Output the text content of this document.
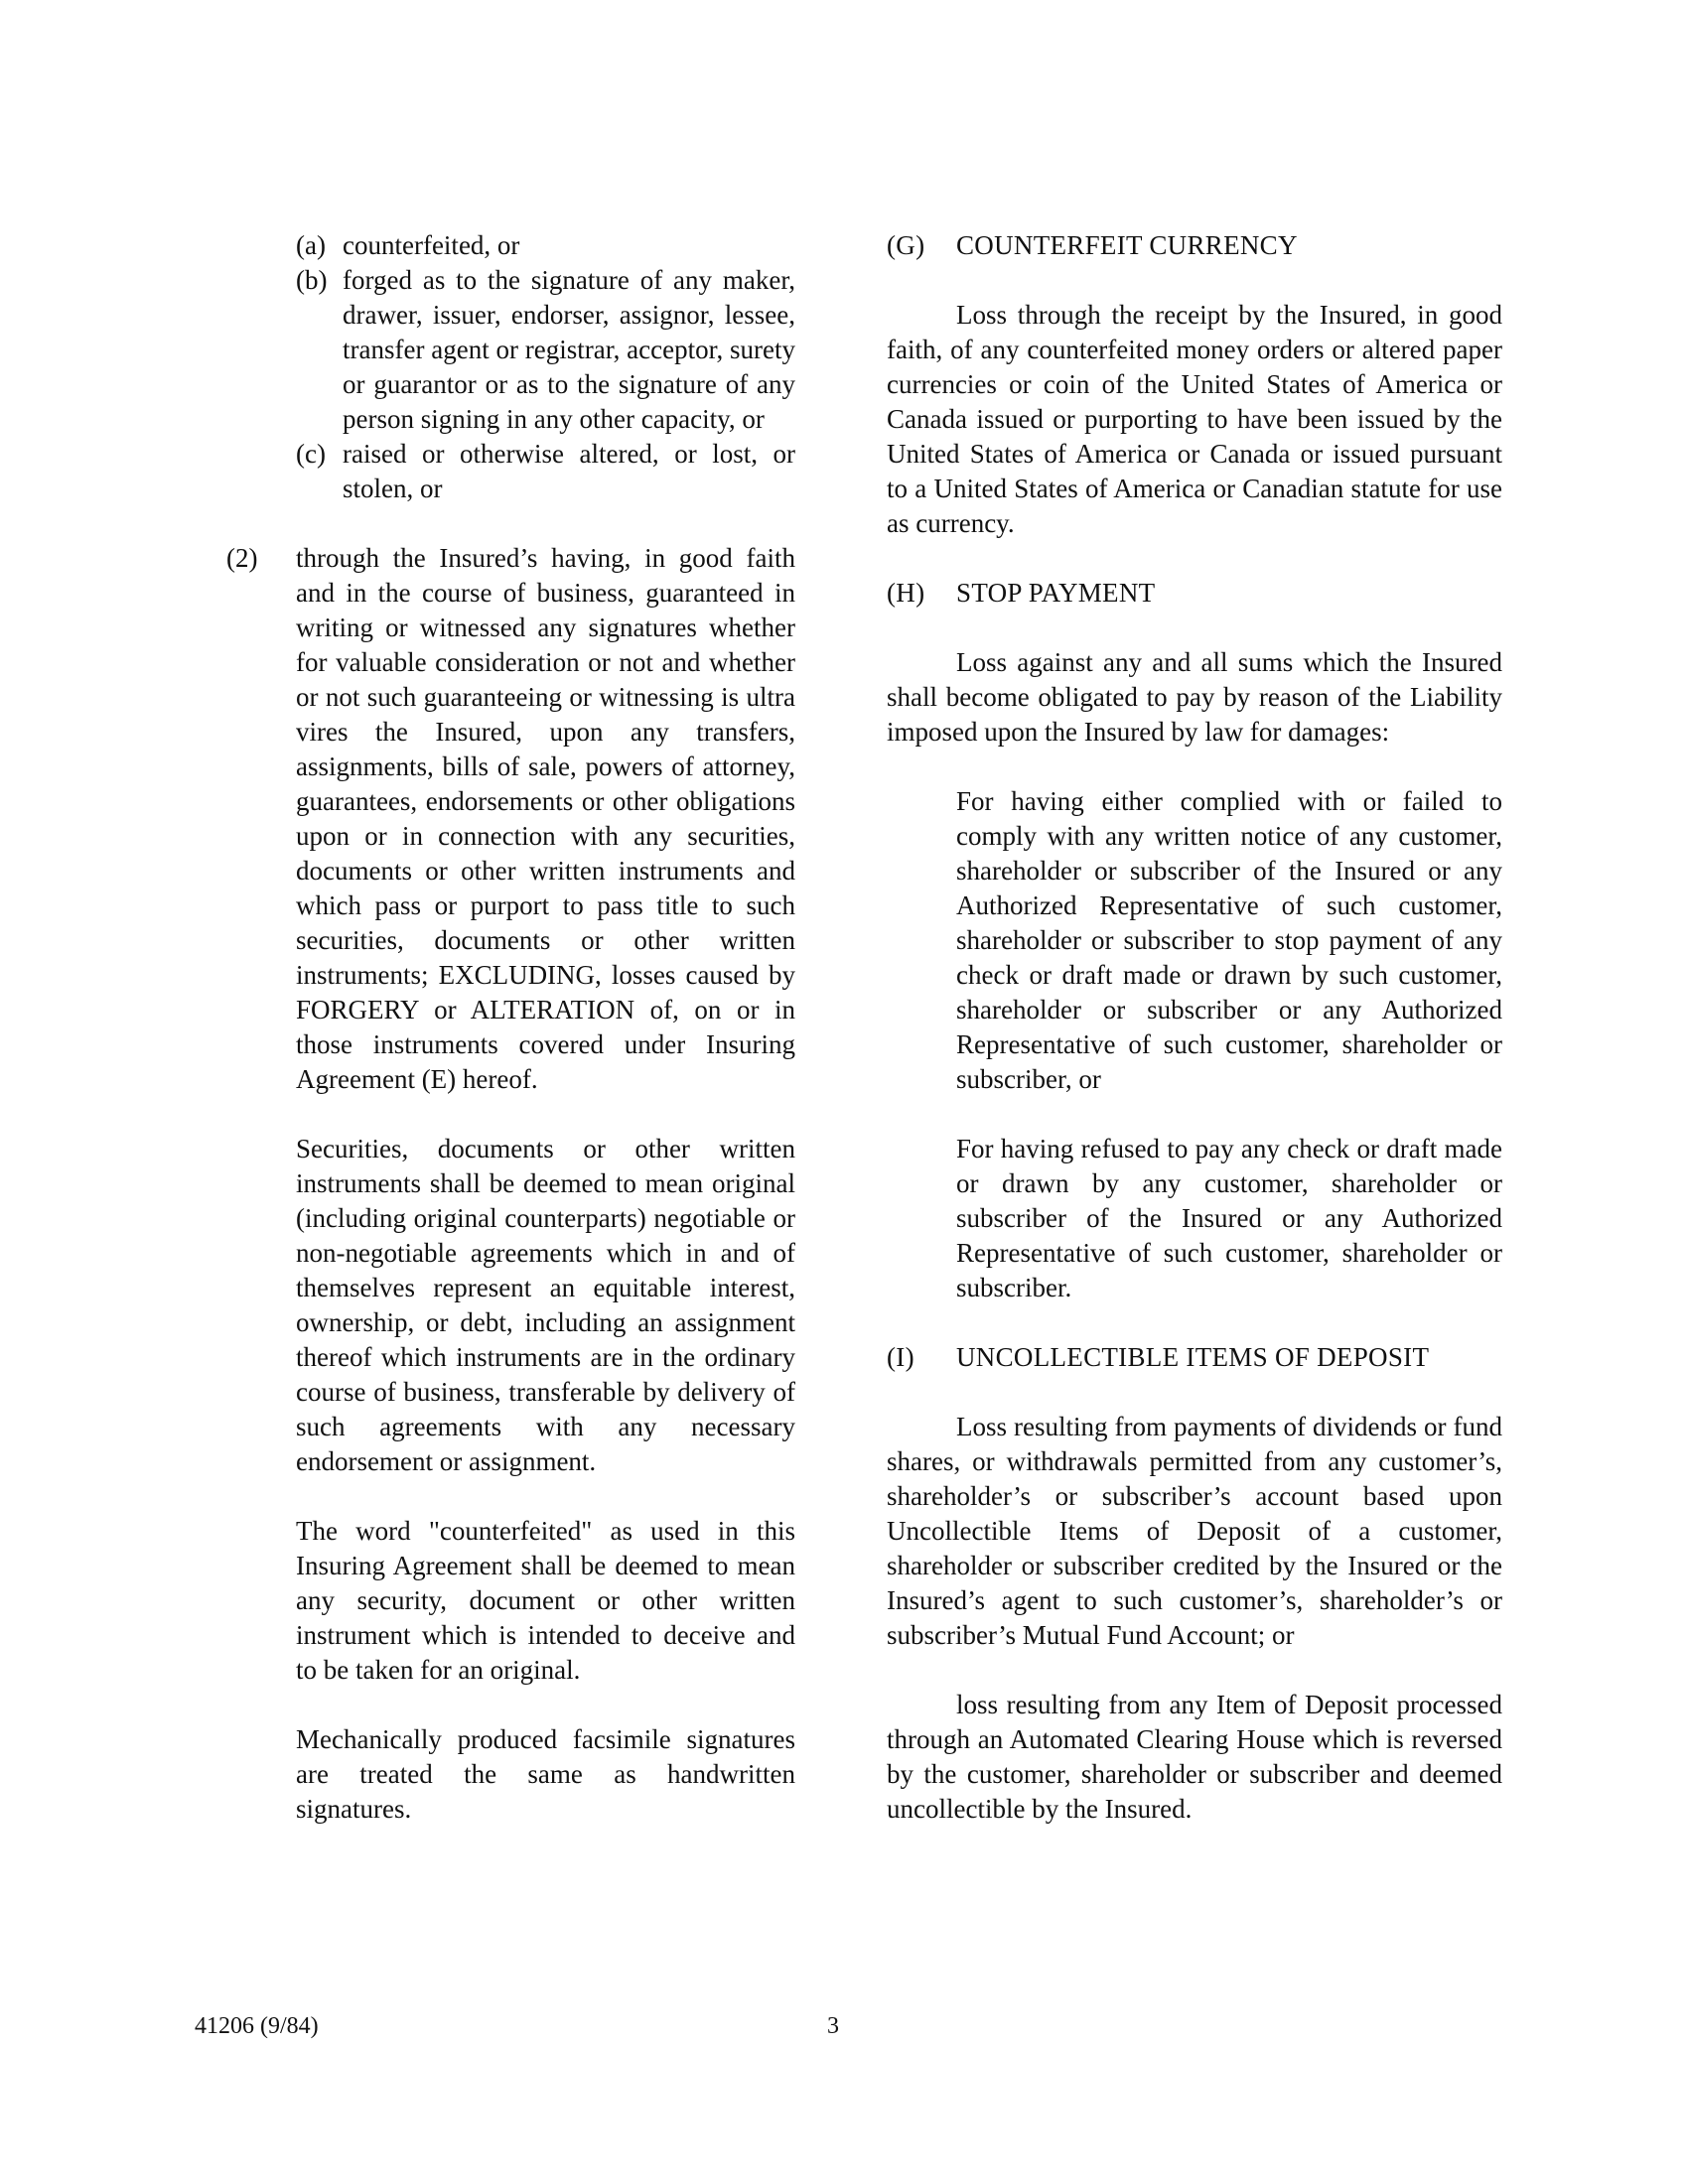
(a) counterfeited, or
(b) forged as to the signature of any maker, drawer, issuer, endorser, assignor, lessee, transfer agent or registrar, acceptor, surety or guarantor or as to the signature of any person signing in any other capacity, or
(c) raised or otherwise altered, or lost, or stolen, or
(2) through the Insured’s having, in good faith and in the course of business, guaranteed in writing or witnessed any signatures whether for valuable consideration or not and whether or not such guaranteeing or witnessing is ultra vires the Insured, upon any transfers, assignments, bills of sale, powers of attorney, guarantees, endorsements or other obligations upon or in connection with any securities, documents or other written instruments and which pass or purport to pass title to such securities, documents or other written instruments; EXCLUDING, losses caused by FORGERY or ALTERATION of, on or in those instruments covered under Insuring Agreement (E) hereof.

Securities, documents or other written instruments shall be deemed to mean original (including original counterparts) negotiable or non-negotiable agreements which in and of themselves represent an equitable interest, ownership, or debt, including an assignment thereof which instruments are in the ordinary course of business, transferable by delivery of such agreements with any necessary endorsement or assignment.

The word "counterfeited" as used in this Insuring Agreement shall be deemed to mean any security, document or other written instrument which is intended to deceive and to be taken for an original.

Mechanically produced facsimile signatures are treated the same as handwritten signatures.

(G) COUNTERFEIT CURRENCY

Loss through the receipt by the Insured, in good faith, of any counterfeited money orders or altered paper currencies or coin of the United States of America or Canada issued or purporting to have been issued by the United States of America or Canada or issued pursuant to a United States of America or Canadian statute for use as currency.

(H) STOP PAYMENT

Loss against any and all sums which the Insured shall become obligated to pay by reason of the Liability imposed upon the Insured by law for damages:

For having either complied with or failed to comply with any written notice of any customer, shareholder or subscriber of the Insured or any Authorized Representative of such customer, shareholder or subscriber to stop payment of any check or draft made or drawn by such customer, shareholder or subscriber or any Authorized Representative of such customer, shareholder or subscriber, or

For having refused to pay any check or draft made or drawn by any customer, shareholder or subscriber of the Insured or any Authorized Representative of such customer, shareholder or subscriber.

(I) UNCOLLECTIBLE ITEMS OF DEPOSIT

Loss resulting from payments of dividends or fund shares, or withdrawals permitted from any customer’s, shareholder’s or subscriber’s account based upon Uncollectible Items of Deposit of a customer, shareholder or subscriber credited by the Insured or the Insured’s agent to such customer’s, shareholder’s or subscriber’s Mutual Fund Account; or

loss resulting from any Item of Deposit processed through an Automated Clearing House which is reversed by the customer, shareholder or subscriber and deemed uncollectible by the Insured.

41206 (9/84)	3
